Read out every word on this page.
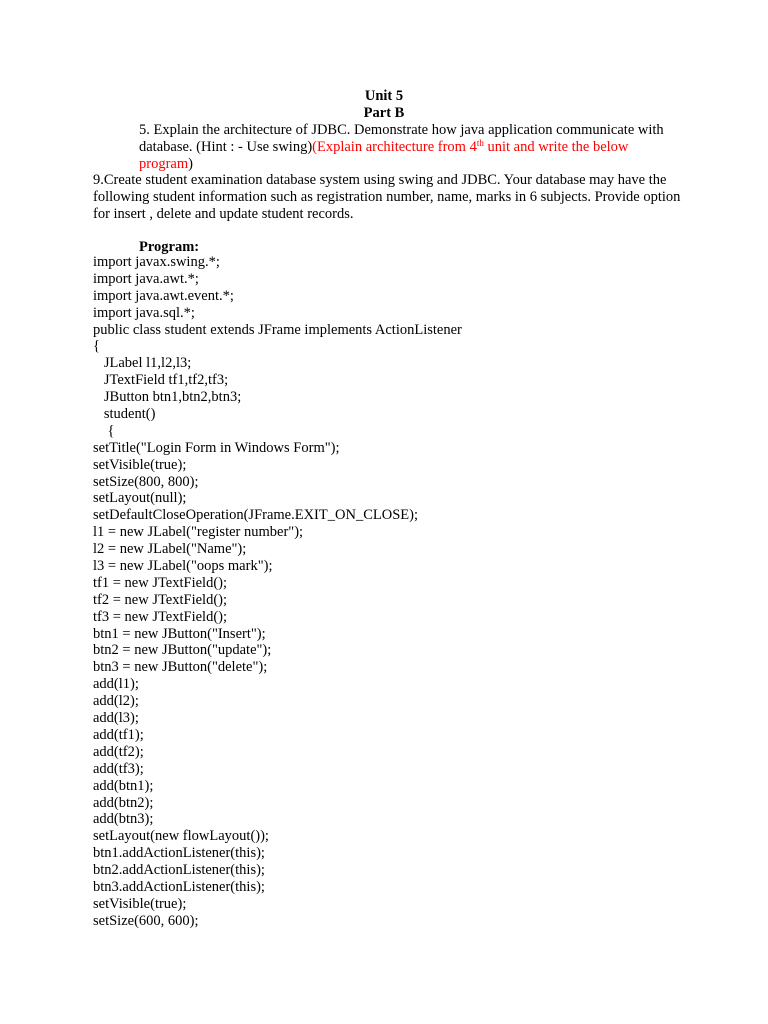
Unit 5
Part B
5. Explain the architecture of JDBC. Demonstrate how java application communicate with database. (Hint : - Use swing)(Explain architecture from 4th unit and write the below program)
9.Create student examination database system using swing and JDBC. Your database may have the following student information such as registration number, name, marks in 6 subjects. Provide option for insert , delete and update student records.
Program:
import javax.swing.*;
import java.awt.*;
import java.awt.event.*;
import java.sql.*;
public class student extends JFrame implements ActionListener
{
JLabel l1,l2,l3;
JTextField tf1,tf2,tf3;
JButton btn1,btn2,btn3;
student()
{
setTitle("Login Form in Windows Form");
setVisible(true);
setSize(800, 800);
setLayout(null);
setDefaultCloseOperation(JFrame.EXIT_ON_CLOSE);
l1 = new JLabel("register number");
l2 = new JLabel("Name");
l3 = new JLabel("oops mark");
tf1 = new JTextField();
tf2 = new JTextField();
tf3 = new JTextField();
btn1 = new JButton("Insert");
btn2 = new JButton("update");
btn3 = new JButton("delete");
add(l1);
add(l2);
add(l3);
add(tf1);
add(tf2);
add(tf3);
add(btn1);
add(btn2);
add(btn3);
setLayout(new flowLayout());
btn1.addActionListener(this);
btn2.addActionListener(this);
btn3.addActionListener(this);
setVisible(true);
setSize(600, 600);
